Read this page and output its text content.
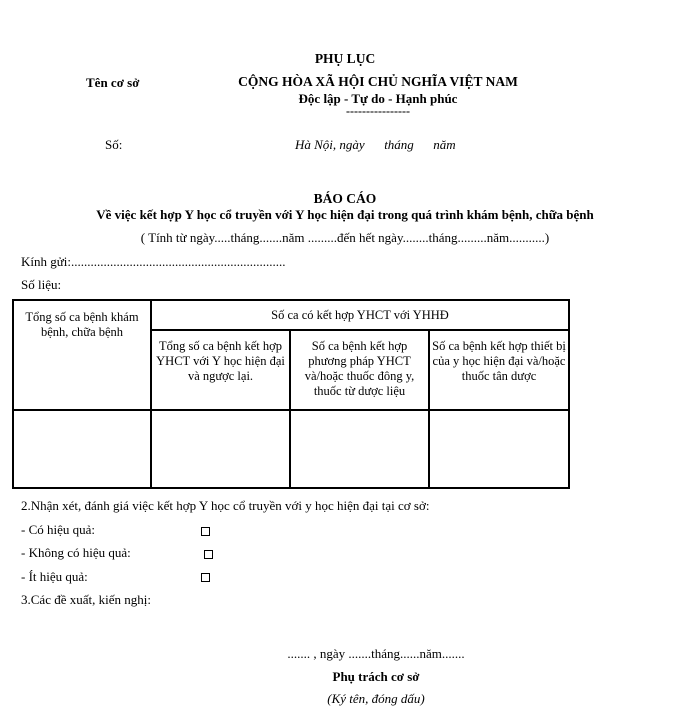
PHỤ LỤC
Tên cơ sở	CỘNG HÒA XÃ HỘI CHỦ NGHĨA VIỆT NAM
Độc lập - Tự do - Hạnh phúc
----------------
Số:	Hà Nội, ngày      tháng      năm
BÁO CÁO
Về việc kết hợp Y học cổ truyền với Y học hiện đại trong quá trình khám bệnh, chữa bệnh
( Tính từ ngày.....tháng.......năm .........đến hết ngày........tháng.........năm...........)
Kính gửi:..................................................................
Số liệu:
Tổng số ca bệnh khám bệnh, chữa bệnh	Số ca có kết hợp YHCT với YHHĐ		
	Tổng số ca bệnh kết hợp YHCT với Y học hiện đại và ngược lại.	Số ca bệnh kết hợp phương pháp YHCT và/hoặc thuốc đông y, thuốc từ dược liệu	Số ca bệnh kết hợp thiết bị của y học hiện đại và/hoặc thuốc tân dược

2.Nhận xét, đánh giá việc kết hợp Y học cổ truyền với y học hiện đại tại cơ sở:
- Có hiệu quả:
- Không có hiệu quả:
- Ít hiệu quả:
3.Các đề xuất, kiến nghị:
....... , ngày .......tháng......năm.......
Phụ trách cơ sở
(Ký tên, đóng dấu)
